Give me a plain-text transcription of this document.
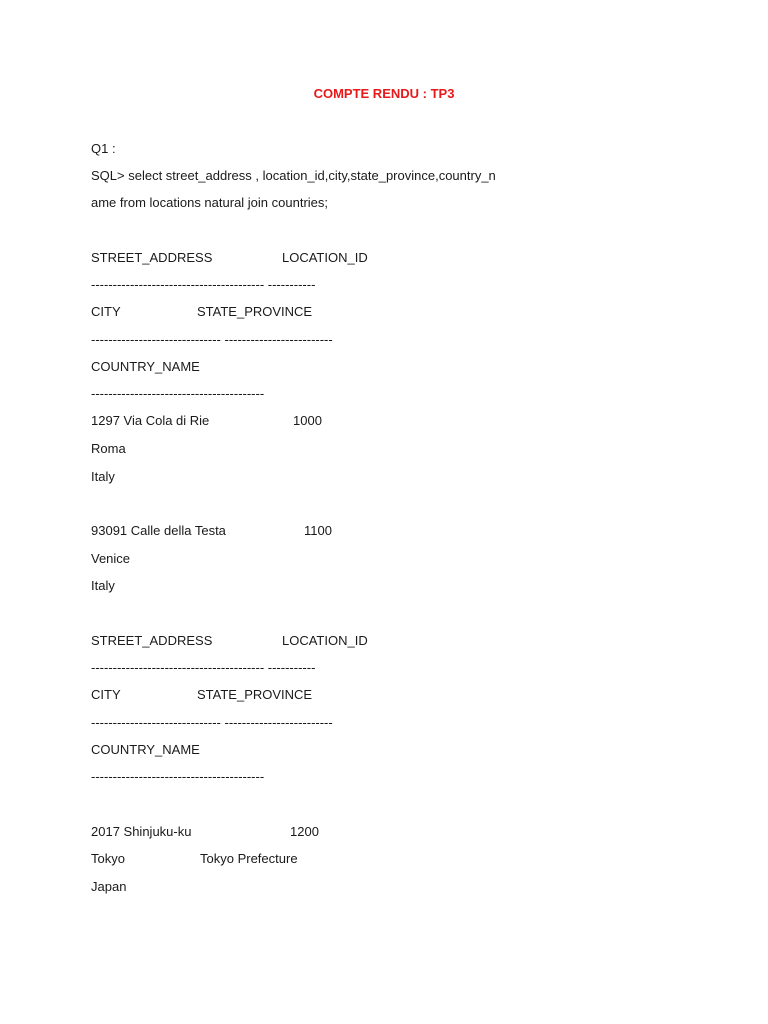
COMPTE RENDU : TP3
Q1 :
SQL> select street_address , location_id,city,state_province,country_n
ame from locations natural join countries;
STREET_ADDRESS	LOCATION_ID
---------------------------------------- -----------
CITY	STATE_PROVINCE
------------------------------ -------------------------
COUNTRY_NAME
----------------------------------------
1297 Via Cola di Rie	1000
Roma
Italy
93091 Calle della Testa	1100
Venice
Italy
STREET_ADDRESS	LOCATION_ID
---------------------------------------- -----------
CITY	STATE_PROVINCE
------------------------------ -------------------------
COUNTRY_NAME
----------------------------------------
2017 Shinjuku-ku	1200
Tokyo	Tokyo Prefecture
Japan
